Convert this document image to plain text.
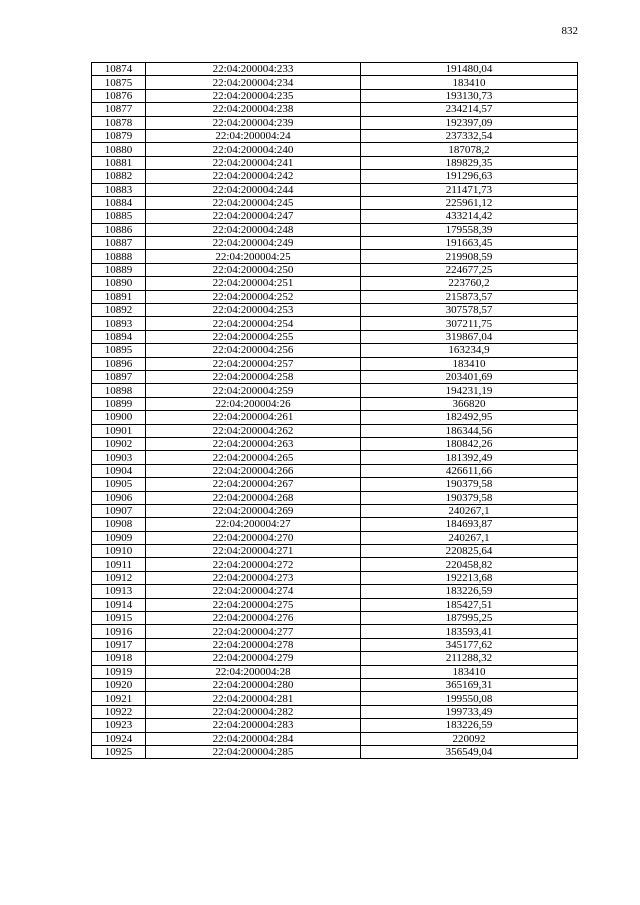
832
10874	22:04:200004:233	191480,04
10875	22:04:200004:234	183410
10876	22:04:200004:235	193130,73
10877	22:04:200004:238	234214,57
10878	22:04:200004:239	192397,09
10879	22:04:200004:24	237332,54
10880	22:04:200004:240	187078,2
10881	22:04:200004:241	189829,35
10882	22:04:200004:242	191296,63
10883	22:04:200004:244	211471,73
10884	22:04:200004:245	225961,12
10885	22:04:200004:247	433214,42
10886	22:04:200004:248	179558,39
10887	22:04:200004:249	191663,45
10888	22:04:200004:25	219908,59
10889	22:04:200004:250	224677,25
10890	22:04:200004:251	223760,2
10891	22:04:200004:252	215873,57
10892	22:04:200004:253	307578,57
10893	22:04:200004:254	307211,75
10894	22:04:200004:255	319867,04
10895	22:04:200004:256	163234,9
10896	22:04:200004:257	183410
10897	22:04:200004:258	203401,69
10898	22:04:200004:259	194231,19
10899	22:04:200004:26	366820
10900	22:04:200004:261	182492,95
10901	22:04:200004:262	186344,56
10902	22:04:200004:263	180842,26
10903	22:04:200004:265	181392,49
10904	22:04:200004:266	426611,66
10905	22:04:200004:267	190379,58
10906	22:04:200004:268	190379,58
10907	22:04:200004:269	240267,1
10908	22:04:200004:27	184693,87
10909	22:04:200004:270	240267,1
10910	22:04:200004:271	220825,64
10911	22:04:200004:272	220458,82
10912	22:04:200004:273	192213,68
10913	22:04:200004:274	183226,59
10914	22:04:200004:275	185427,51
10915	22:04:200004:276	187995,25
10916	22:04:200004:277	183593,41
10917	22:04:200004:278	345177,62
10918	22:04:200004:279	211288,32
10919	22:04:200004:28	183410
10920	22:04:200004:280	365169,31
10921	22:04:200004:281	199550,08
10922	22:04:200004:282	199733,49
10923	22:04:200004:283	183226,59
10924	22:04:200004:284	220092
10925	22:04:200004:285	356549,04
